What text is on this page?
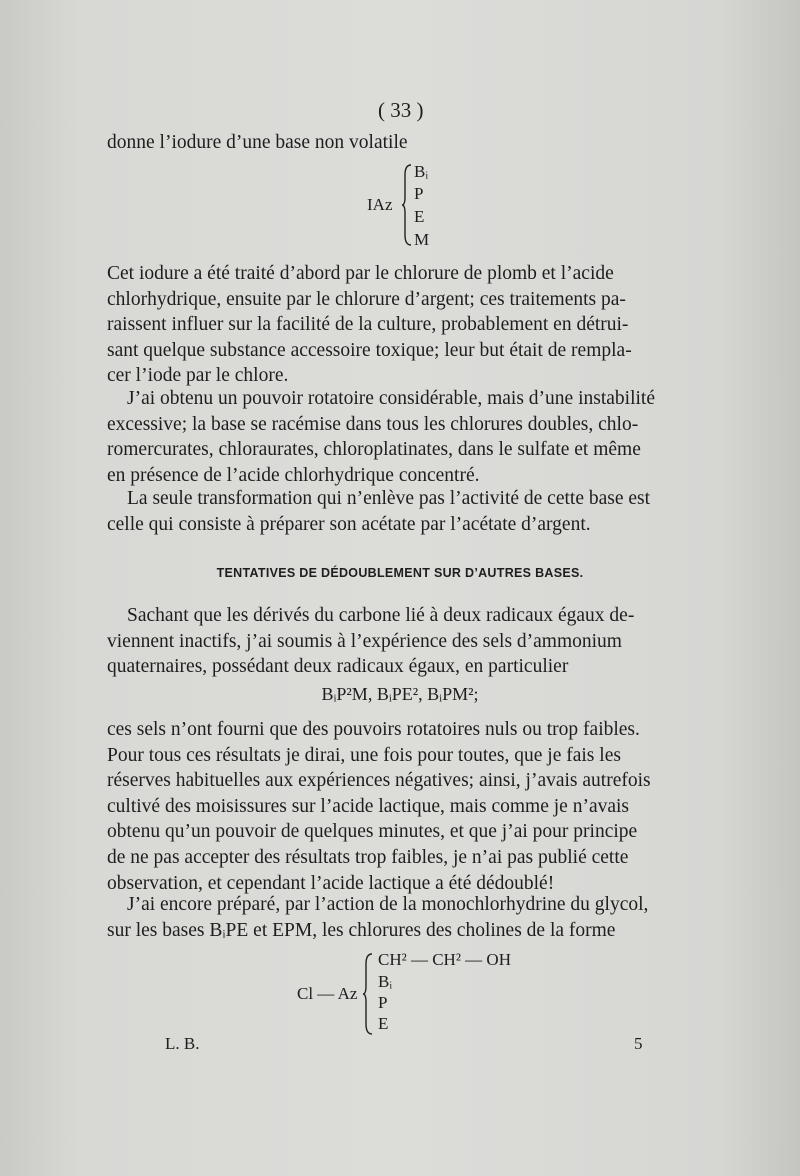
( 33 )
donne l’iodure d’une base non volatile
IAz
Bᵢ
P
E
M
Cet iodure a été traité d’abord par le chlorure de plomb et l’acide
chlorhydrique, ensuite par le chlorure d’argent; ces traitements pa-
raissent influer sur la facilité de la culture, probablement en détrui-
sant quelque substance accessoire toxique; leur but était de rempla-
cer l’iode par le chlore.
J’ai obtenu un pouvoir rotatoire considérable, mais d’une instabilité
excessive; la base se racémise dans tous les chlorures doubles, chlo-
romercurates, chloraurates, chloroplatinates, dans le sulfate et même
en présence de l’acide chlorhydrique concentré.
La seule transformation qui n’enlève pas l’activité de cette base est
celle qui consiste à préparer son acétate par l’acétate d’argent.
TENTATIVES DE DÉDOUBLEMENT SUR D’AUTRES BASES.
Sachant que les dérivés du carbone lié à deux radicaux égaux de-
viennent inactifs, j’ai soumis à l’expérience des sels d’ammonium
quaternaires, possédant deux radicaux égaux, en particulier
BᵢP²M, BᵢPE², BᵢPM²;
ces sels n’ont fourni que des pouvoirs rotatoires nuls ou trop faibles.
Pour tous ces résultats je dirai, une fois pour toutes, que je fais les
réserves habituelles aux expériences négatives; ainsi, j’avais autrefois
cultivé des moisissures sur l’acide lactique, mais comme je n’avais
obtenu qu’un pouvoir de quelques minutes, et que j’ai pour principe
de ne pas accepter des résultats trop faibles, je n’ai pas publié cette
observation, et cependant l’acide lactique a été dédoublé!
J’ai encore préparé, par l’action de la monochlorhydrine du glycol,
sur les bases BᵢPE et EPM, les chlorures des cholines de la forme
Cl — Az
CH² — CH² — OH
Bᵢ
P
E
L. B.	5
